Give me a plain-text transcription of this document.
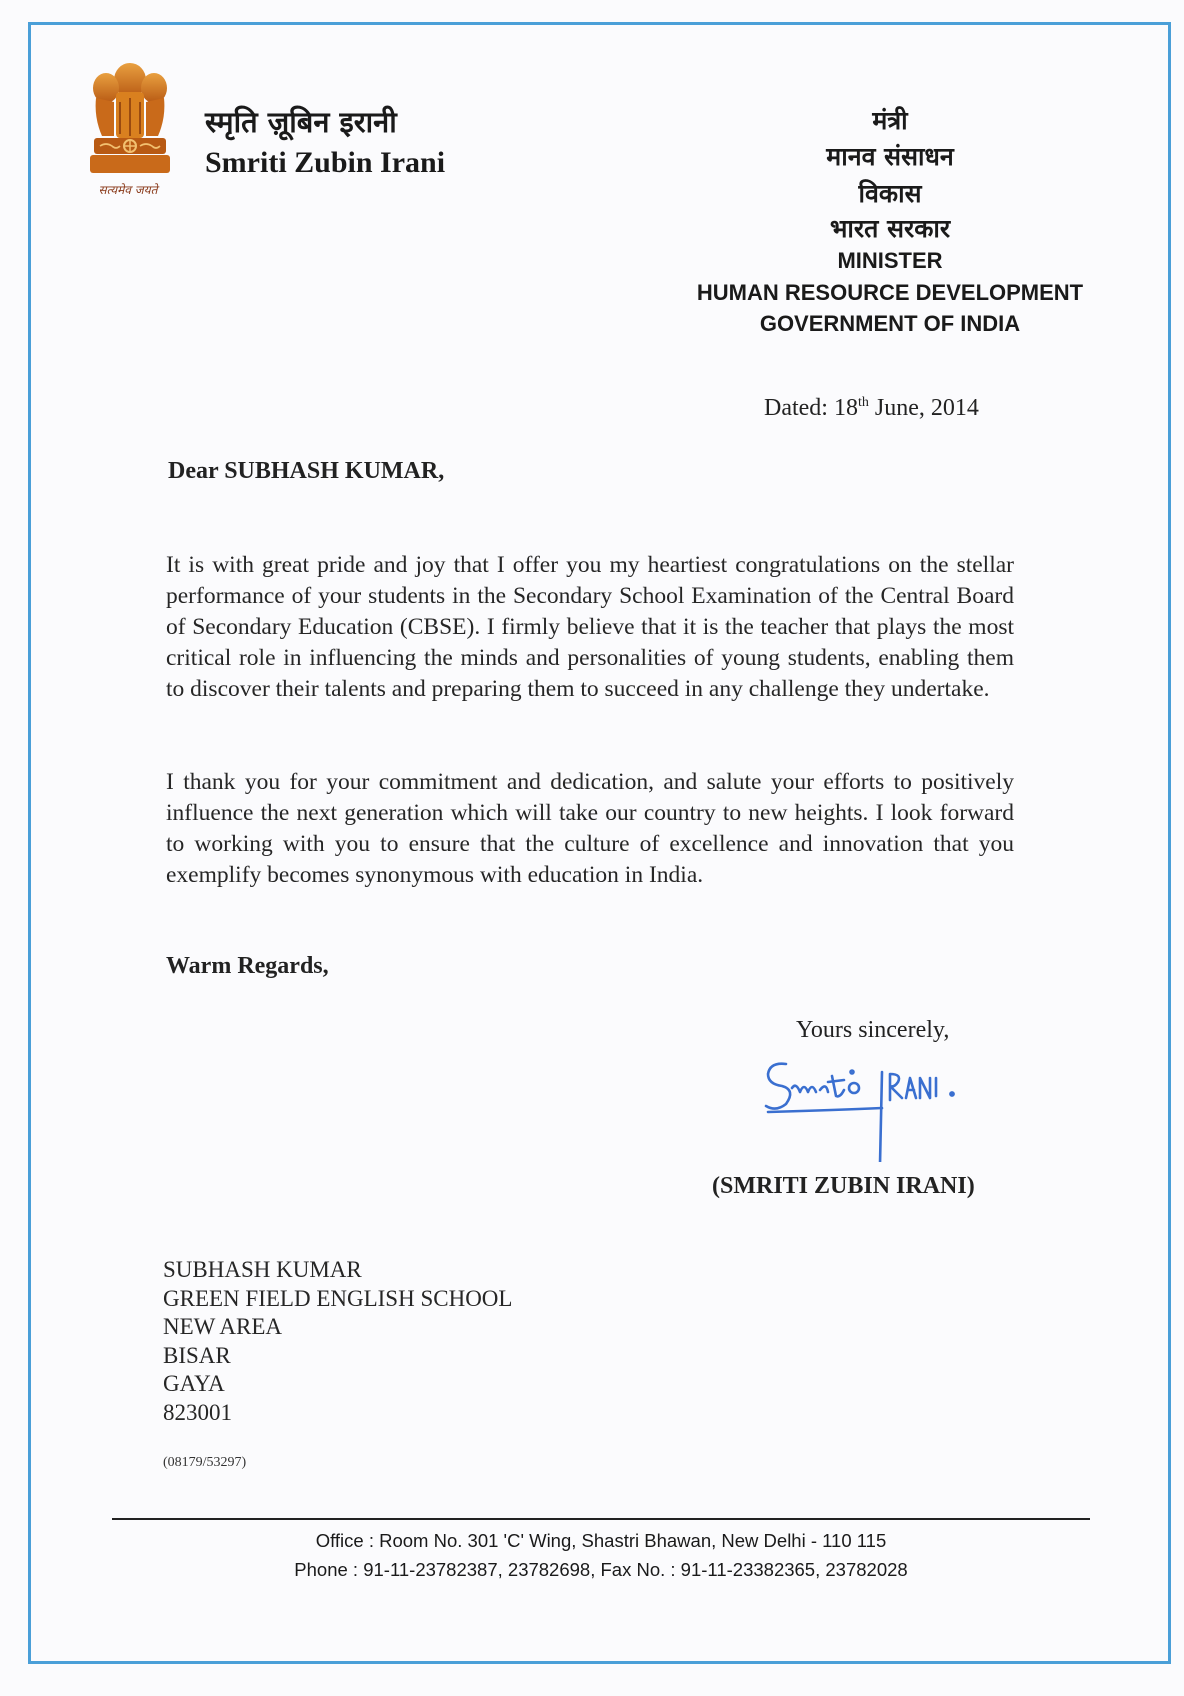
सत्यमेव जयते
स्मृति ज़ूबिन इरानी
Smriti Zubin Irani
मंत्री
मानव संसाधन
विकास
भारत सरकार
MINISTER
HUMAN RESOURCE DEVELOPMENT
GOVERNMENT OF INDIA
Dated: 18th June, 2014
Dear SUBHASH KUMAR,
It is with great pride and joy that I offer you my heartiest congratulations on the stellar performance of your students in the Secondary School Examination of the Central Board of Secondary Education (CBSE). I firmly believe that it is the teacher that plays the most critical role in influencing the minds and personalities of young students, enabling them to discover their talents and preparing them to succeed in any challenge they undertake.
I thank you for your commitment and dedication, and salute your efforts to positively influence the next generation which will take our country to new heights. I look forward to working with you to ensure that the culture of excellence and innovation that you exemplify becomes synonymous with education in India.
Warm Regards,
Yours sincerely,
(SMRITI ZUBIN IRANI)
SUBHASH KUMAR
GREEN FIELD ENGLISH SCHOOL
NEW AREA
BISAR
GAYA
823001
(08179/53297)
Office : Room No. 301 'C' Wing, Shastri Bhawan, New Delhi - 110 115
Phone : 91-11-23782387, 23782698, Fax No. : 91-11-23382365, 23782028
